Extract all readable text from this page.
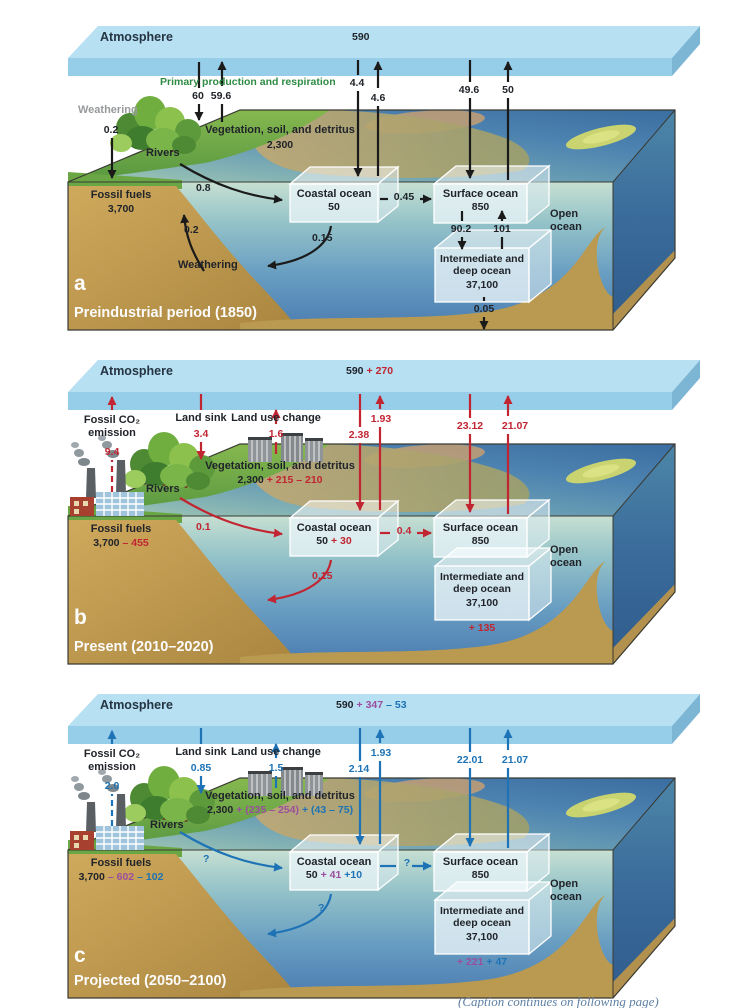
Atmosphere	590
Primary production and respiration
Weathering
0.2
60 59.6
4.4
4.6
49.6	50
Vegetation, soil, and detritus
2,300
Rivers
0.8
Fossil fuels
3,700
Coastal ocean
50
0.45	Surface ocean
850
0.2
Weathering
0.15
90.2	101
Intermediate and deep ocean
37,100
0.05
Open ocean
a
Preindustrial period (1850)
Atmosphere	590 + 270
Fossil CO₂ emission
9.4
Land sink
3.4
Land use change
1.6	2.38
1.93
23.12	21.07
Vegetation, soil, and detritus
2,300 + 215 – 210
Rivers
0.1
Fossil fuels
3,700 – 455
Coastal ocean
50 + 30
0.4	Surface ocean
850
0.15	Intermediate and deep ocean
37,100
+ 135
Open ocean
b
Present (2010–2020)
Atmosphere	590 + 347 – 53
Fossil CO₂ emission
2.0
Land sink
0.85
Land use change
1.5	2.14
1.93
22.01	21.07
Vegetation, soil, and detritus
2,300 + (235 – 254) + (43 – 75)
Rivers
?
Fossil fuels
3,700 – 602 – 102
Coastal ocean
50 + 41 +10
?	Surface ocean
850
?	Intermediate and deep ocean
37,100
+ 221 + 47
Open ocean
c
Projected (2050–2100)
(Caption continues on following page)
